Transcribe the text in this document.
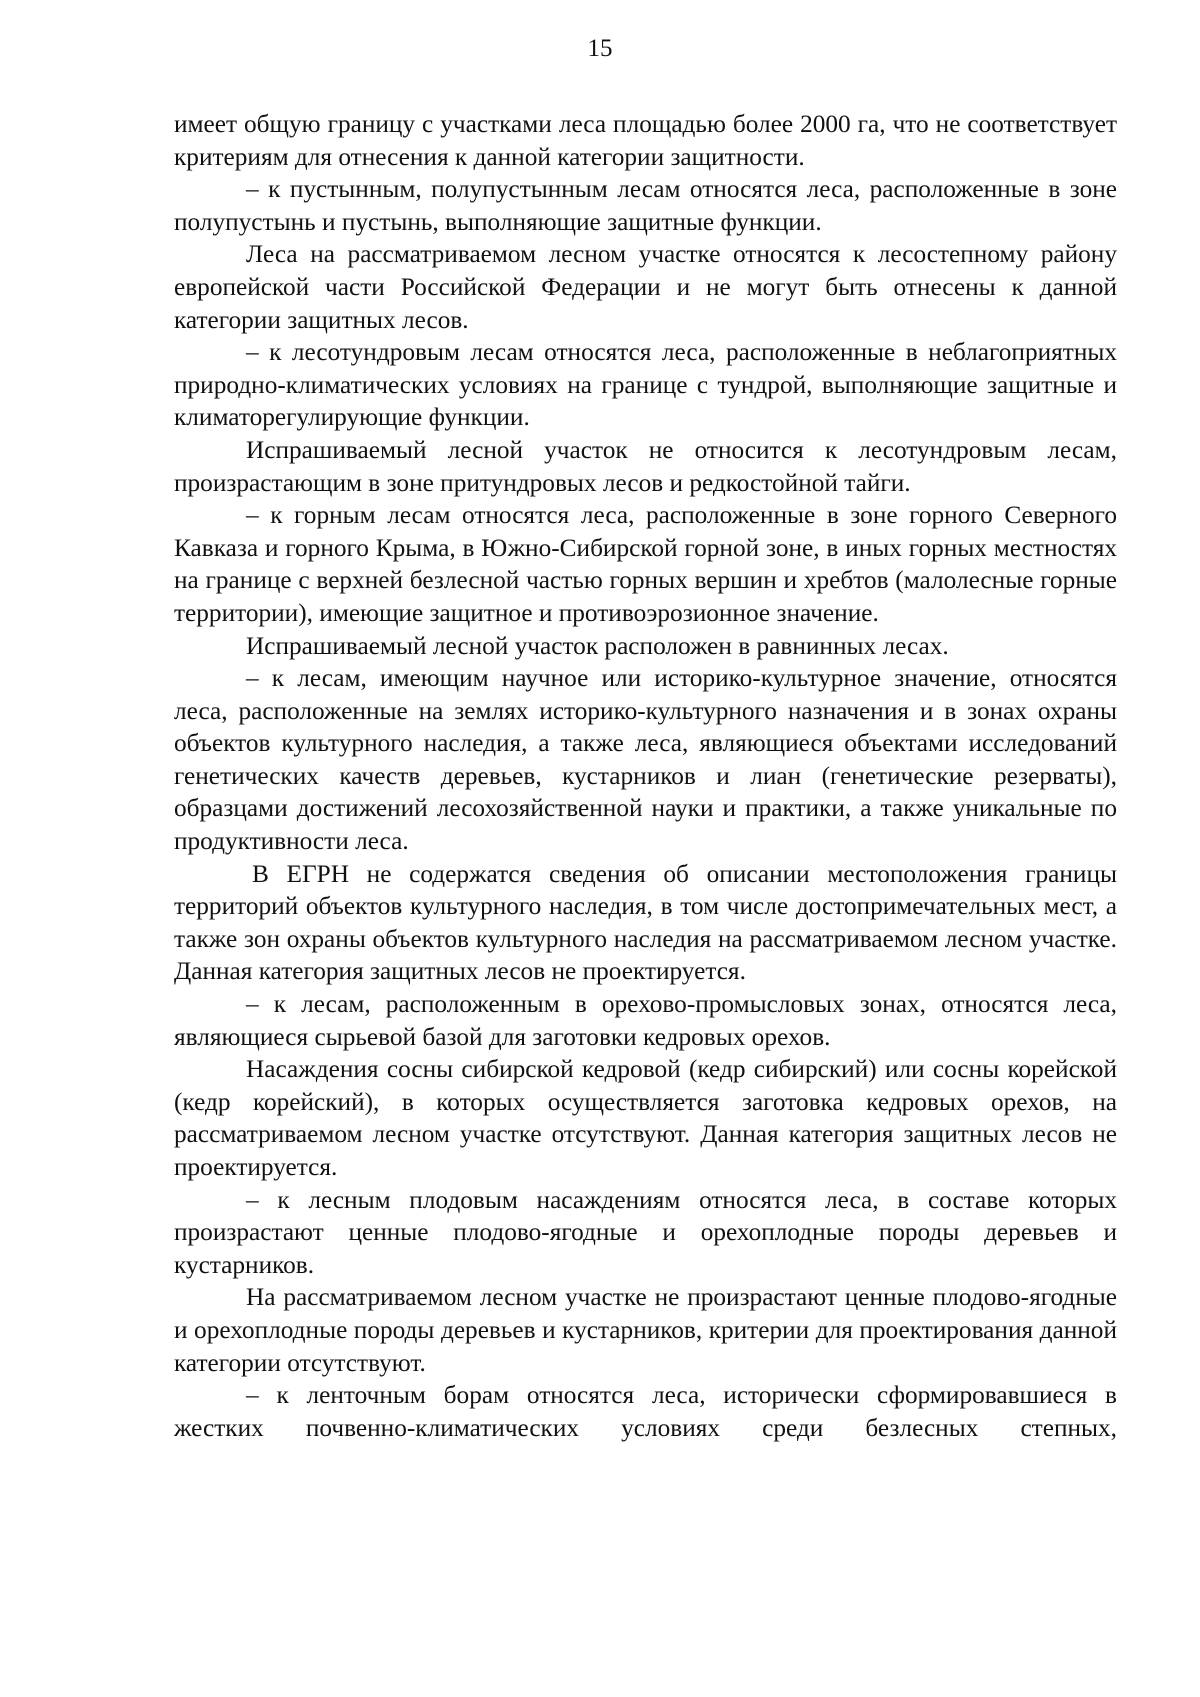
15

имеет общую границу с участками леса площадью более 2000 га, что не соответствует критериям для отнесения к данной категории защитности.

– к пустынным, полупустынным лесам относятся леса, расположенные в зоне полупустынь и пустынь, выполняющие защитные функции.

Леса на рассматриваемом лесном участке относятся к лесостепному району европейской части Российской Федерации и не могут быть отнесены к данной категории защитных лесов.

– к лесотундровым лесам относятся леса, расположенные в неблагоприятных природно-климатических условиях на границе с тундрой, выполняющие защитные и климаторегулирующие функции.

Испрашиваемый лесной участок не относится к лесотундровым лесам, произрастающим в зоне притундровых лесов и редкостойной тайги.

– к горным лесам относятся леса, расположенные в зоне горного Северного Кавказа и горного Крыма, в Южно-Сибирской горной зоне, в иных горных местностях на границе с верхней безлесной частью горных вершин и хребтов (малолесные горные территории), имеющие защитное и противоэрозионное значение.

Испрашиваемый лесной участок расположен в равнинных лесах.

– к лесам, имеющим научное или историко-культурное значение, относятся леса, расположенные на землях историко-культурного назначения и в зонах охраны объектов культурного наследия, а также леса, являющиеся объектами исследований генетических качеств деревьев, кустарников и лиан (генетические резерваты), образцами достижений лесохозяйственной науки и практики, а также уникальные по продуктивности леса.

В ЕГРН не содержатся сведения об описании местоположения границы территорий объектов культурного наследия, в том числе достопримечательных мест, а также зон охраны объектов культурного наследия на рассматриваемом лесном участке. Данная категория защитных лесов не проектируется.

– к лесам, расположенным в орехово-промысловых зонах, относятся леса, являющиеся сырьевой базой для заготовки кедровых орехов.

Насаждения сосны сибирской кедровой (кедр сибирский) или сосны корейской (кедр корейский), в которых осуществляется заготовка кедровых орехов, на рассматриваемом лесном участке отсутствуют. Данная категория защитных лесов не проектируется.

– к лесным плодовым насаждениям относятся леса, в составе которых произрастают ценные плодово-ягодные и орехоплодные породы деревьев и кустарников.

На рассматриваемом лесном участке не произрастают ценные плодово-ягодные и орехоплодные породы деревьев и кустарников, критерии для проектирования данной категории отсутствуют.

– к ленточным борам относятся леса, исторически сформировавшиеся в жестких почвенно-климатических условиях среди безлесных степных,
